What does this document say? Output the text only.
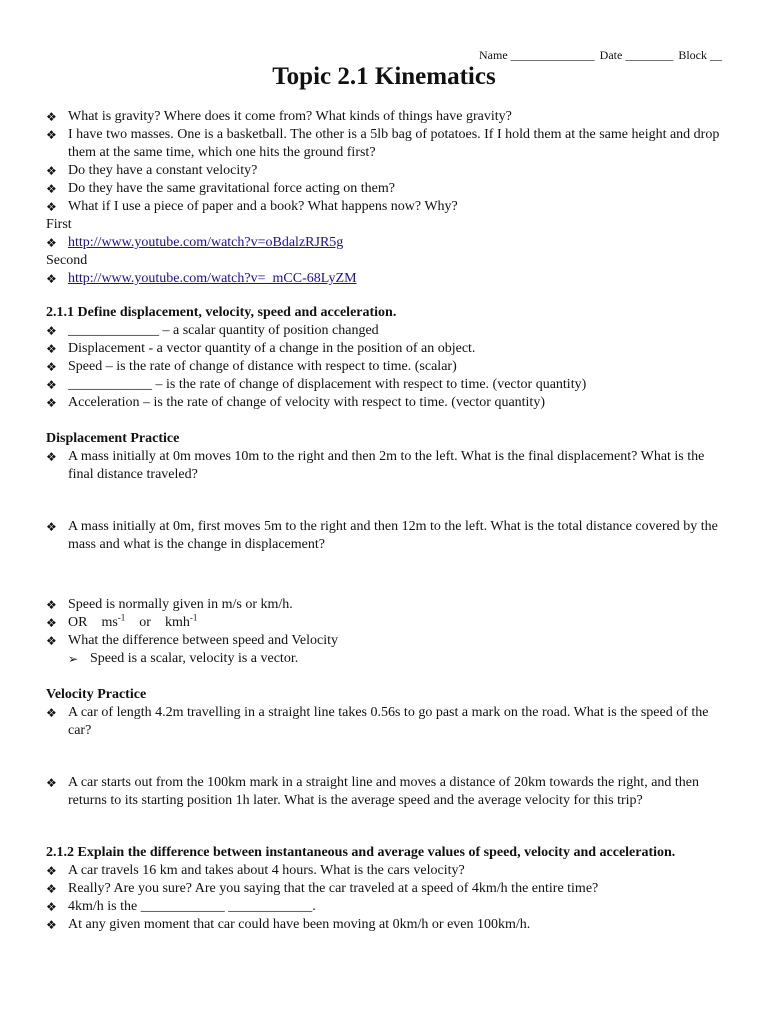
Name ______________ Date ________ Block __
Topic 2.1 Kinematics
❖ What is gravity? Where does it come from? What kinds of things have gravity?
❖ I have two masses. One is a basketball. The other is a 5lb bag of potatoes. If I hold them at the same height and drop them at the same time, which one hits the ground first?
❖ Do they have a constant velocity?
❖ Do they have the same gravitational force acting on them?
❖ What if I use a piece of paper and a book? What happens now? Why?

First

❖ http://www.youtube.com/watch?v=oBdalzRJR5g

Second

❖ http://www.youtube.com/watch?v=_mCC-68LyZM

2.1.1 Define displacement, velocity, speed and acceleration.

❖ _____________ – a scalar quantity of position changed
❖ Displacement - a vector quantity of a change in the position of an object.
❖ Speed – is the rate of change of distance with respect to time. (scalar)
❖ ____________ – is the rate of change of displacement with respect to time. (vector quantity)
❖ Acceleration – is the rate of change of velocity with respect to time. (vector quantity)

Displacement Practice

❖ A mass initially at 0m moves 10m to the right and then 2m to the left. What is the final displacement? What is the final distance traveled?
❖ A mass initially at 0m, first moves 5m to the right and then 12m to the left. What is the total distance covered by the mass and what is the change in displacement?
❖ Speed is normally given in m/s or km/h.
❖ OR $ms^{-1}$ or kmh$^{-1}$
❖ What the difference between speed and Velocity
➢ Speed is a scalar, velocity is a vector.

Velocity Practice

❖ A car of length 4.2m travelling in a straight line takes 0.56s to go past a mark on the road. What is the speed of the car?
❖ A car starts out from the 100km mark in a straight line and moves a distance of 20km towards the right, and then returns to its starting position 1h later. What is the average speed and the average velocity for this trip?

2.1.2 Explain the difference between instantaneous and average values of speed, velocity and acceleration.

❖ A car travels 16 km and takes about 4 hours. What is the cars velocity?
❖ Really? Are you sure? Are you saying that the car traveled at a speed of 4km/h the entire time?
❖ 4km/h is the ____________ ____________.
❖ At any given moment that car could have been moving at 0km/h or even 100km/h.
